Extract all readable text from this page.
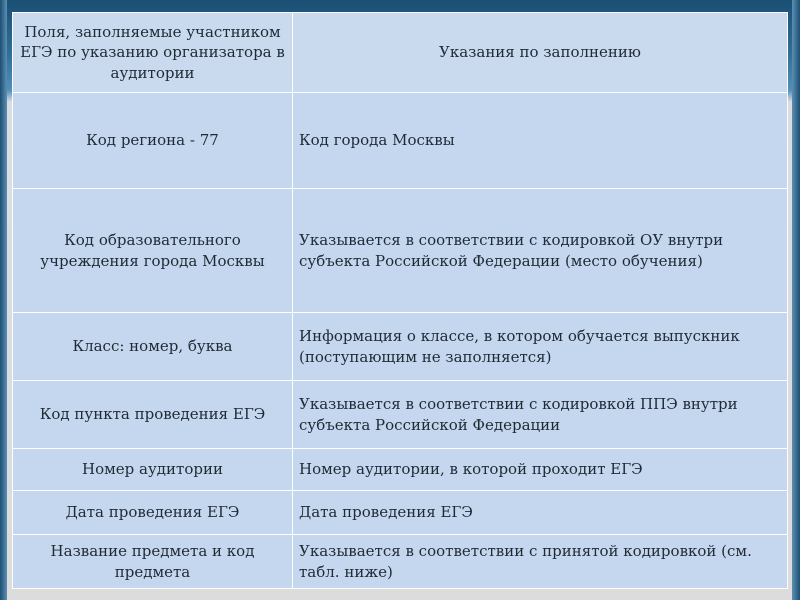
Поля, заполняемые участником ЕГЭ по указанию организатора в аудитории	Указания по заполнению
Код региона - 77	Код города Москвы
Код образовательного учреждения города Москвы	Указывается в соответствии с кодировкой ОУ внутри субъекта Российской Федерации (место обучения)
Класс: номер, буква	Информация о классе, в котором обучается выпускник (поступающим не заполняется)
Код пункта проведения ЕГЭ	Указывается в соответствии с кодировкой ППЭ внутри субъекта Российской Федерации
Номер аудитории	Номер аудитории, в которой проходит ЕГЭ
Дата проведения ЕГЭ	Дата проведения ЕГЭ
Название предмета и код предмета	Указывается в соответствии с принятой кодировкой (см. табл. ниже)
